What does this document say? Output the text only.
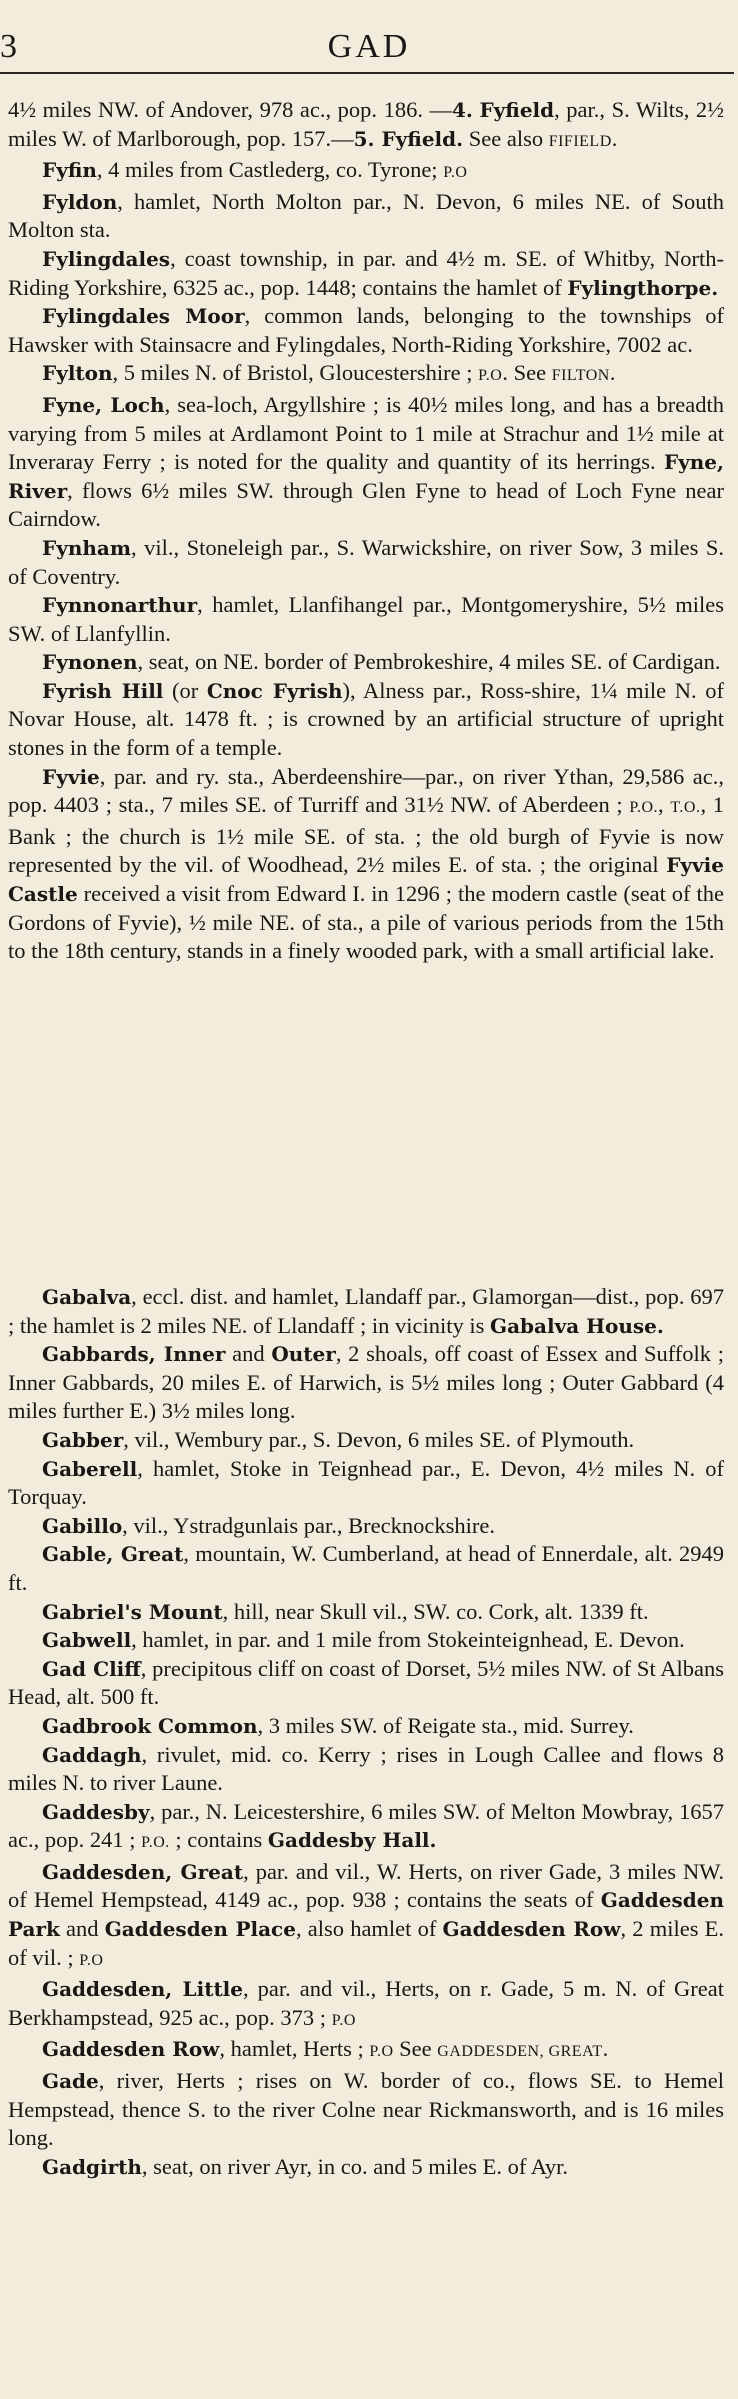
3	GAD
4½ miles NW. of Andover, 978 ac., pop. 186. —4. Fyfield, par., S. Wilts, 2½ miles W. of Marlborough, pop. 157.—5. Fyfield. See also FIFIELD.
Fyfin, 4 miles from Castlederg, co. Tyrone; P.O
Fyldon, hamlet, North Molton par., N. Devon, 6 miles NE. of South Molton sta.
Fylingdales, coast township, in par. and 4½ m. SE. of Whitby, North-Riding Yorkshire, 6325 ac., pop. 1448; contains the hamlet of Fylingthorpe.
Fylingdales Moor, common lands, belonging to the townships of Hawsker with Stainsacre and Fylingdales, North-Riding Yorkshire, 7002 ac.
Fylton, 5 miles N. of Bristol, Gloucestershire ; P.O. See FILTON.
Fyne, Loch, sea-loch, Argyllshire ; is 40½ miles long, and has a breadth varying from 5 miles at Ardlamont Point to 1 mile at Strachur and 1½ mile at Inveraray Ferry ; is noted for the quality and quantity of its herrings. Fyne, River, flows 6½ miles SW. through Glen Fyne to head of Loch Fyne near Cairndow.
Fynham, vil., Stoneleigh par., S. Warwickshire, on river Sow, 3 miles S. of Coventry.
Fynnonarthur, hamlet, Llanfihangel par., Montgomeryshire, 5½ miles SW. of Llanfyllin.
Fynonen, seat, on NE. border of Pembrokeshire, 4 miles SE. of Cardigan.
Fyrish Hill (or Cnoc Fyrish), Alness par., Ross-shire, 1¼ mile N. of Novar House, alt. 1478 ft. ; is crowned by an artificial structure of upright stones in the form of a temple.
Fyvie, par. and ry. sta., Aberdeenshire—par., on river Ythan, 29,586 ac., pop. 4403 ; sta., 7 miles SE. of Turriff and 31½ NW. of Aberdeen ; P.O., T.O., 1 Bank ; the church is 1½ mile SE. of sta. ; the old burgh of Fyvie is now represented by the vil. of Woodhead, 2½ miles E. of sta. ; the original Fyvie Castle received a visit from Edward I. in 1296 ; the modern castle (seat of the Gordons of Fyvie), ½ mile NE. of sta., a pile of various periods from the 15th to the 18th century, stands in a finely wooded park, with a small artificial lake.
Gabalva, eccl. dist. and hamlet, Llandaff par., Glamorgan—dist., pop. 697 ; the hamlet is 2 miles NE. of Llandaff ; in vicinity is Gabalva House.
Gabbards, Inner and Outer, 2 shoals, off coast of Essex and Suffolk ; Inner Gabbards, 20 miles E. of Harwich, is 5½ miles long ; Outer Gabbard (4 miles further E.) 3½ miles long.
Gabber, vil., Wembury par., S. Devon, 6 miles SE. of Plymouth.
Gaberell, hamlet, Stoke in Teignhead par., E. Devon, 4½ miles N. of Torquay.
Gabillo, vil., Ystradgunlais par., Brecknockshire.
Gable, Great, mountain, W. Cumberland, at head of Ennerdale, alt. 2949 ft.
Gabriel's Mount, hill, near Skull vil., SW. co. Cork, alt. 1339 ft.
Gabwell, hamlet, in par. and 1 mile from Stokeinteignhead, E. Devon.
Gad Cliff, precipitous cliff on coast of Dorset, 5½ miles NW. of St Albans Head, alt. 500 ft.
Gadbrook Common, 3 miles SW. of Reigate sta., mid. Surrey.
Gaddagh, rivulet, mid. co. Kerry ; rises in Lough Callee and flows 8 miles N. to river Laune.
Gaddesby, par., N. Leicestershire, 6 miles SW. of Melton Mowbray, 1657 ac., pop. 241 ; P.O. ; contains Gaddesby Hall.
Gaddesden, Great, par. and vil., W. Herts, on river Gade, 3 miles NW. of Hemel Hempstead, 4149 ac., pop. 938 ; contains the seats of Gaddesden Park and Gaddesden Place, also hamlet of Gaddesden Row, 2 miles E. of vil. ; P.O
Gaddesden, Little, par. and vil., Herts, on r. Gade, 5 m. N. of Great Berkhampstead, 925 ac., pop. 373 ; P.O
Gaddesden Row, hamlet, Herts ; P.O See GADDESDEN, GREAT.
Gade, river, Herts ; rises on W. border of co., flows SE. to Hemel Hempstead, thence S. to the river Colne near Rickmansworth, and is 16 miles long.
Gadgirth, seat, on river Ayr, in co. and 5 miles E. of Ayr.
